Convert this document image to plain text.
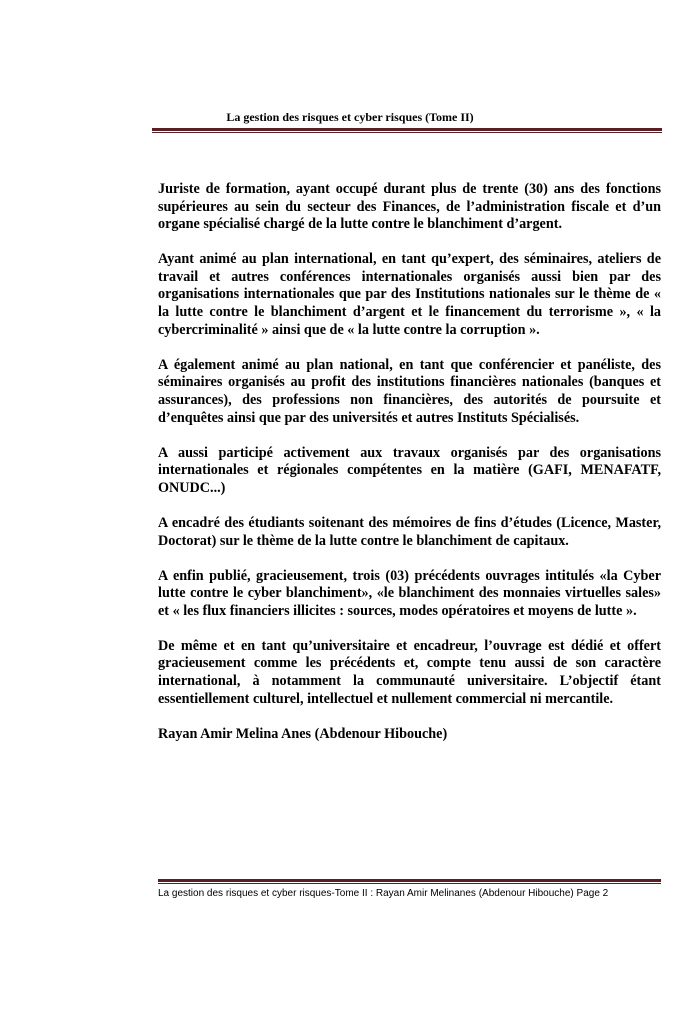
La gestion des risques et cyber risques (Tome II)

Juriste de formation, ayant occupé durant plus de trente (30) ans des fonctions supérieures au sein du secteur des Finances, de l’administration fiscale et d’un organe spécialisé chargé de la lutte contre le blanchiment d’argent.

Ayant animé au plan international, en tant qu’expert, des séminaires, ateliers de travail et autres conférences internationales organisés aussi bien par des organisations internationales que par des Institutions nationales sur le thème de « la lutte contre le blanchiment d’argent et le financement du terrorisme », « la cybercriminalité » ainsi que de « la lutte contre la corruption ».

A également animé au plan national, en tant que conférencier et panéliste, des séminaires organisés au profit des institutions financières nationales (banques et assurances), des professions non financières, des autorités de poursuite et d’enquêtes ainsi que par des universités et autres Instituts Spécialisés.

A aussi participé activement aux travaux organisés par des organisations internationales et régionales compétentes en la matière (GAFI, MENAFATF, ONUDC...)

A encadré des étudiants soitenant des mémoires de fins d’études (Licence, Master, Doctorat) sur le thème de la lutte contre le blanchiment de capitaux.

A enfin publié, gracieusement, trois (03) précédents ouvrages intitulés «la Cyber lutte contre le cyber blanchiment», «le blanchiment des monnaies virtuelles sales» et « les flux financiers illicites : sources, modes opératoires et moyens de lutte ».

De même et en tant qu’universitaire et encadreur, l’ouvrage est dédié et offert gracieusement comme les précédents et, compte tenu aussi de son caractère international, à notamment la communauté universitaire. L’objectif étant essentiellement culturel, intellectuel et nullement commercial ni mercantile.

Rayan Amir Melina Anes (Abdenour Hibouche)

La gestion des risques et cyber risques-Tome II : Rayan Amir Melinanes (Abdenour Hibouche) Page 2
